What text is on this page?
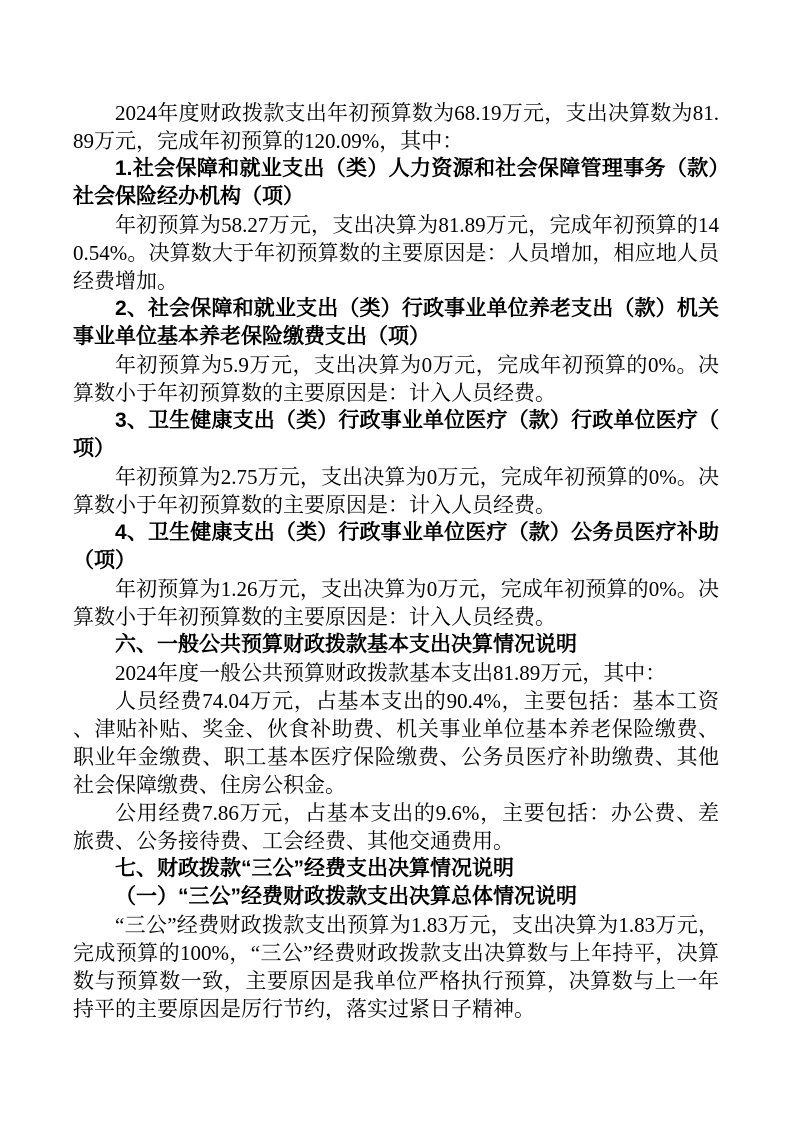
2024年度财政拨款支出年初预算数为68.19万元，支出决算数为81.89万元，完成年初预算的120.09%，其中：

1.社会保障和就业支出（类）人力资源和社会保障管理事务（款）社会保险经办机构（项）

年初预算为58.27万元，支出决算为81.89万元，完成年初预算的140.54%。决算数大于年初预算数的主要原因是：人员增加，相应地人员经费增加。

2、社会保障和就业支出（类）行政事业单位养老支出（款）机关事业单位基本养老保险缴费支出（项）

年初预算为5.9万元，支出决算为0万元，完成年初预算的0%。决算数小于年初预算数的主要原因是：计入人员经费。

3、卫生健康支出（类）行政事业单位医疗（款）行政单位医疗（项）

年初预算为2.75万元，支出决算为0万元，完成年初预算的0%。决算数小于年初预算数的主要原因是：计入人员经费。

4、卫生健康支出（类）行政事业单位医疗（款）公务员医疗补助（项）

年初预算为1.26万元，支出决算为0万元，完成年初预算的0%。决算数小于年初预算数的主要原因是：计入人员经费。

六、一般公共预算财政拨款基本支出决算情况说明

2024年度一般公共预算财政拨款基本支出81.89万元，其中：

人员经费74.04万元，占基本支出的90.4%，主要包括：基本工资、津贴补贴、奖金、伙食补助费、机关事业单位基本养老保险缴费、职业年金缴费、职工基本医疗保险缴费、公务员医疗补助缴费、其他社会保障缴费、住房公积金。

公用经费7.86万元，占基本支出的9.6%，主要包括：办公费、差旅费、公务接待费、工会经费、其他交通费用。

七、财政拨款“三公”经费支出决算情况说明

（一）“三公”经费财政拨款支出决算总体情况说明

“三公”经费财政拨款支出预算为1.83万元，支出决算为1.83万元，完成预算的100%，“三公”经费财政拨款支出决算数与上年持平，决算数与预算数一致，主要原因是我单位严格执行预算，决算数与上一年持平的主要原因是厉行节约，落实过紧日子精神。
